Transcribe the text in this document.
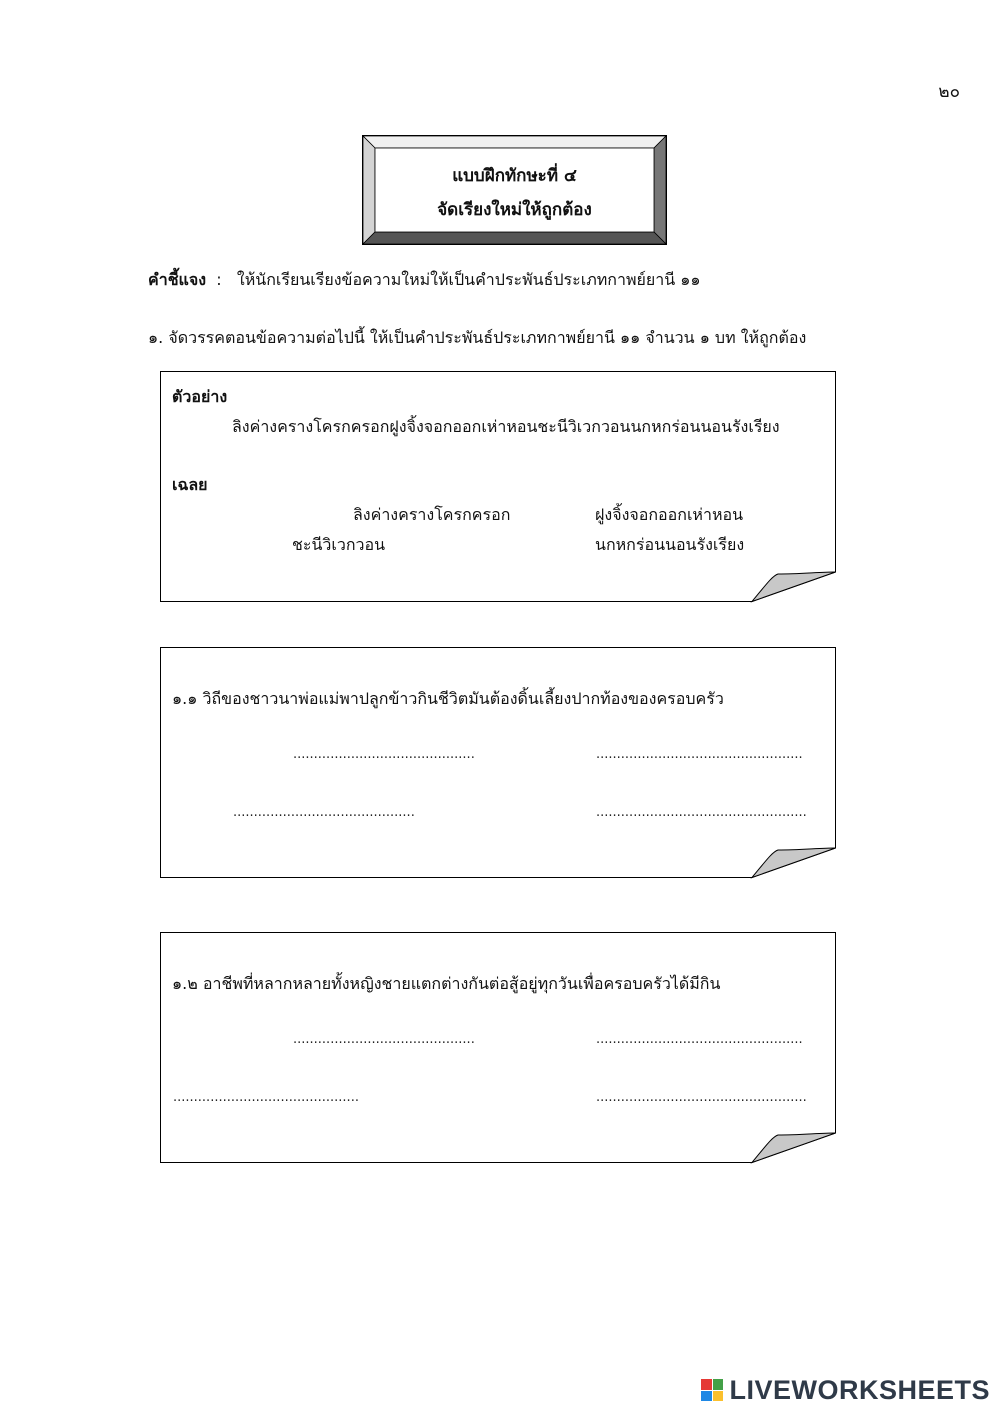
๒๐
แบบฝึกทักษะที่ ๔
จัดเรียงใหม่ให้ถูกต้อง
คำชี้แจง : ให้นักเรียนเรียงข้อความใหม่ให้เป็นคำประพันธ์ประเภทกาพย์ยานี ๑๑
๑. จัดวรรคตอนข้อความต่อไปนี้ ให้เป็นคำประพันธ์ประเภทกาพย์ยานี ๑๑ จำนวน ๑ บท ให้ถูกต้อง
ตัวอย่าง
ลิงค่างครางโครกครอกฝูงจิ้งจอกออกเห่าหอนชะนีวิเวกวอนนกหกร่อนนอนรังเรียง
เฉลย
ลิงค่างครางโครกครอก	ฝูงจิ้งจอกออกเห่าหอน
ชะนีวิเวกวอน	นกหกร่อนนอนรังเรียง
๑.๑ วิถีของชาวนาพ่อแม่พาปลูกข้าวกินชีวิตมันต้องดิ้นเลี้ยงปากท้องของครอบครัว
............................................	..................................................
............................................	...................................................
๑.๒ อาชีพที่หลากหลายทั้งหญิงชายแตกต่างกันต่อสู้อยู่ทุกวันเพื่อครอบครัวได้มีกิน
............................................	..................................................
.............................................	...................................................
LIVEWORKSHEETS
